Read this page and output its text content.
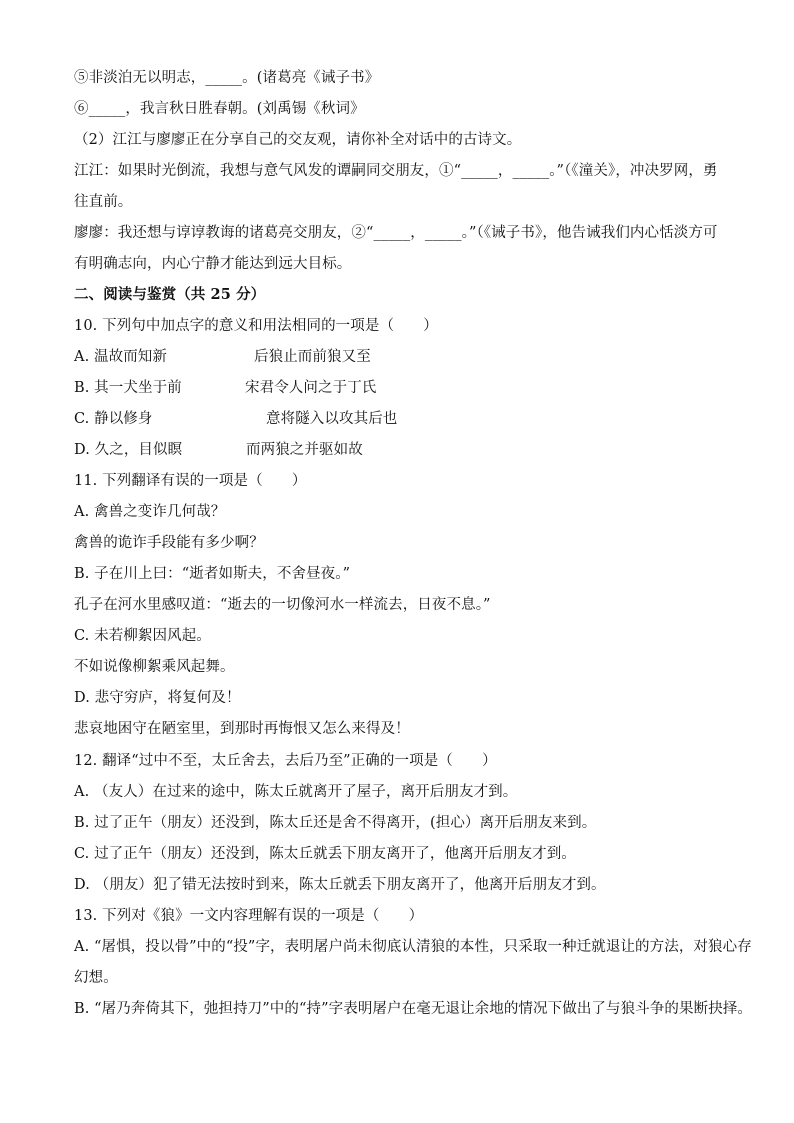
⑤非淡泊无以明志，_____。(诸葛亮《诫子书》
⑥_____，我言秋日胜春朝。(刘禹锡《秋词》
（2）江江与廖廖正在分享自己的交友观，请你补全对话中的古诗文。
江江：如果时光倒流，我想与意气风发的谭嗣同交朋友，①“_____，_____。”（《潼关》，冲决罗网，勇
往直前。
廖廖：我还想与谆谆教诲的诸葛亮交朋友，②“_____，_____。”（《诫子书》，他告诫我们内心恬淡方可
有明确志向，内心宁静才能达到远大目标。
二、阅读与鉴赏（共 25 分）
10. 下列句中加点字的意义和用法相同的一项是（　　）
A. 温故而知新	后狼止而前狼又至
B. 其一犬坐于前	宋君令人问之于丁氏
C. 静以修身	意将隧入以攻其后也
D. 久之，目似瞑	而两狼之并驱如故
11. 下列翻译有误的一项是（　　）
A. 禽兽之变诈几何哉？
禽兽的诡诈手段能有多少啊？
B. 子在川上曰：“逝者如斯夫，不舍昼夜。”
孔子在河水里感叹道：“逝去的一切像河水一样流去，日夜不息。”
C. 未若柳絮因风起。
不如说像柳絮乘风起舞。
D. 悲守穷庐，将复何及！
悲哀地困守在陋室里，到那时再悔恨又怎么来得及！
12. 翻译“过中不至，太丘舍去，去后乃至”正确的一项是（　　）
A. （友人）在过来的途中，陈太丘就离开了屋子，离开后朋友才到。
B. 过了正午（朋友）还没到，陈太丘还是舍不得离开，(担心）离开后朋友来到。
C. 过了正午（朋友）还没到，陈太丘就丢下朋友离开了，他离开后朋友才到。
D. （朋友）犯了错无法按时到来，陈太丘就丢下朋友离开了，他离开后朋友才到。
13. 下列对《狼》一文内容理解有误的一项是（　　）
A. “屠惧，投以骨”中的“投”字，表明屠户尚未彻底认清狼的本性，只采取一种迁就退让的方法，对狼心存
幻想。
B. “屠乃奔倚其下，弛担持刀”中的“持”字表明屠户在毫无退让余地的情况下做出了与狼斗争的果断抉择。
